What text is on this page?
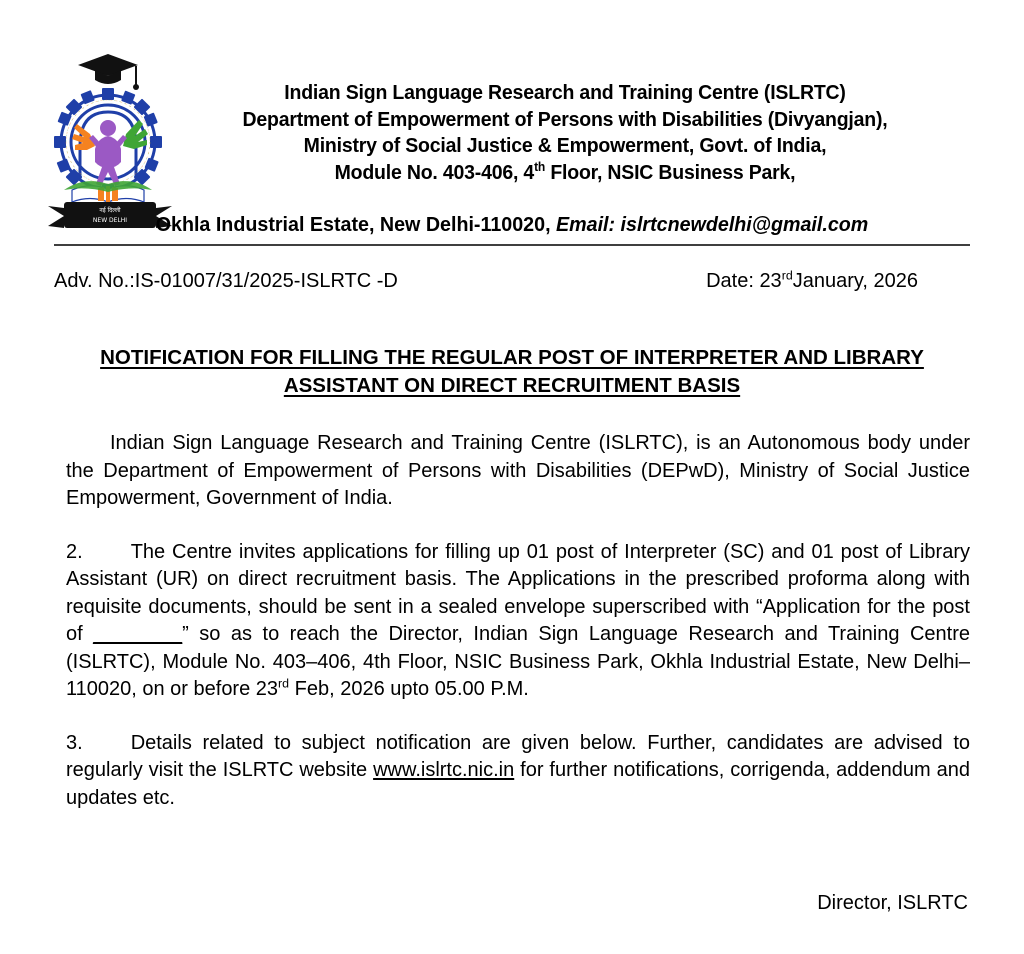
Indian Sign Language Research and Training Centre (ISLRTC)
Department of Empowerment of Persons with Disabilities (Divyangjan),
Ministry of Social Justice & Empowerment, Govt. of India,
Module No. 403-406, 4th Floor, NSIC Business Park,
नई दिल्ली
NEW DELHI	Okhla Industrial Estate, New Delhi-110020, Email: islrtcnewdelhi@gmail.com
Adv. No.:IS-01007/31/2025-ISLRTC -D	Date: 23rdJanuary, 2026
NOTIFICATION FOR FILLING THE REGULAR POST OF INTERPRETER AND LIBRARY
ASSISTANT ON DIRECT RECRUITMENT BASIS

Indian Sign Language Research and Training Centre (ISLRTC), is an Autonomous body under the Department of Empowerment of Persons with Disabilities (DEPwD), Ministry of Social Justice Empowerment, Government of India.

2. The Centre invites applications for filling up 01 post of Interpreter (SC) and 01 post of Library Assistant (UR) on direct recruitment basis. The Applications in the prescribed proforma along with requisite documents, should be sent in a sealed envelope superscribed with “Application for the post of ________” so as to reach the Director, Indian Sign Language Research and Training Centre (ISLRTC), Module No. 403–406, 4th Floor, NSIC Business Park, Okhla Industrial Estate, New Delhi–110020, on or before 23rd Feb, 2026 upto 05.00 P.M.

3. Details related to subject notification are given below. Further, candidates are advised to regularly visit the ISLRTC website www.islrtc.nic.in for further notifications, corrigenda, addendum and updates etc.

Director, ISLRTC
